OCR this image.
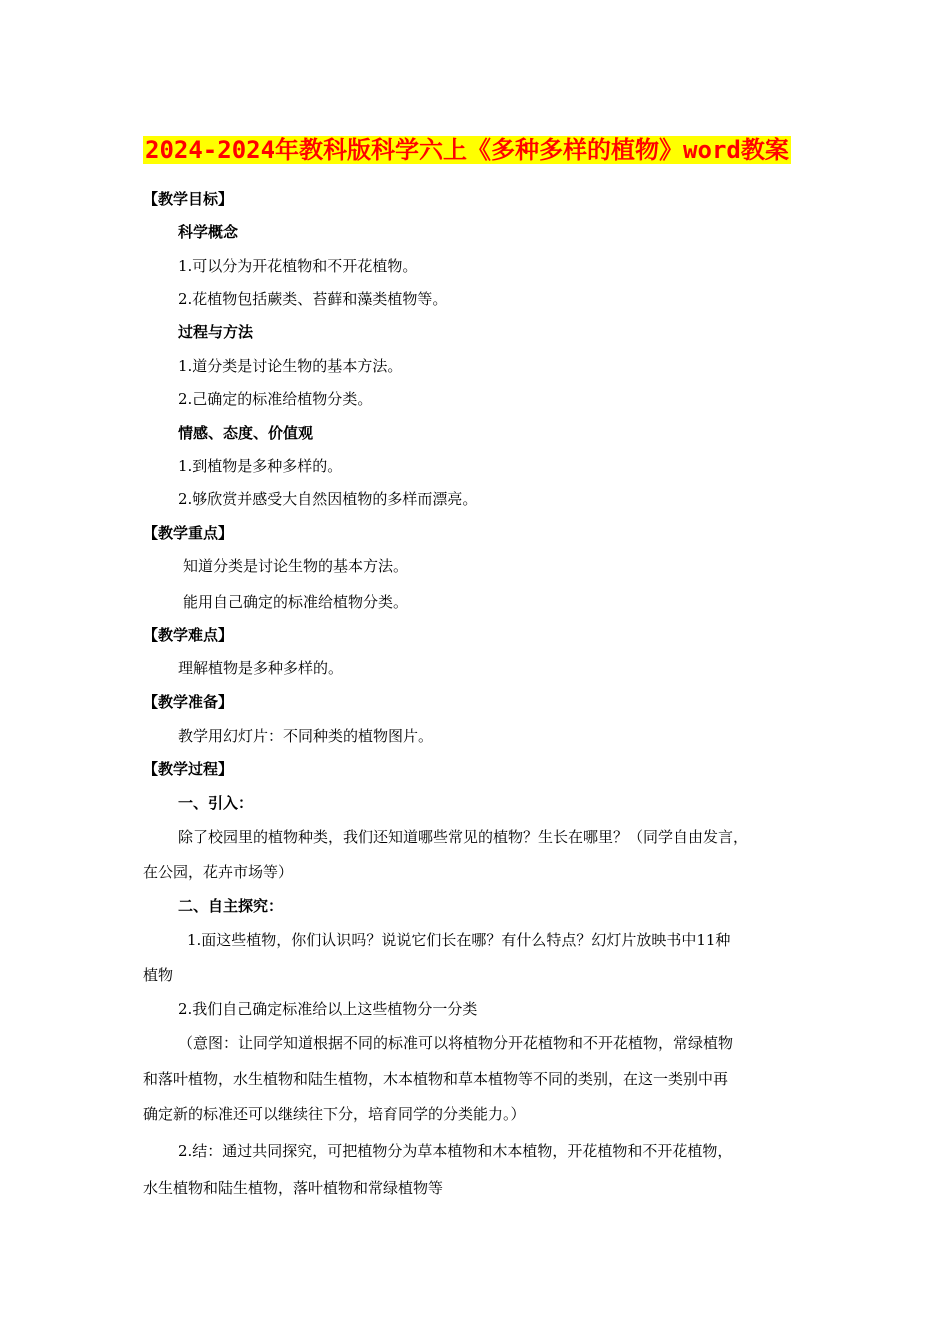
2024-2024年教科版科学六上《多种多样的植物》word教案
【教学目标】
科学概念
1.可以分为开花植物和不开花植物。
2.花植物包括蕨类、苔藓和藻类植物等。
过程与方法
1.道分类是讨论生物的基本方法。
2.己确定的标准给植物分类。
情感、态度、价值观
1.到植物是多种多样的。
2.够欣赏并感受大自然因植物的多样而漂亮。
【教学重点】
知道分类是讨论生物的基本方法。
能用自己确定的标准给植物分类。
【教学难点】
理解植物是多种多样的。
【教学准备】
教学用幻灯片：不同种类的植物图片。
【教学过程】
一、引入：
除了校园里的植物种类，我们还知道哪些常见的植物？生长在哪里？（同学自由发言，
在公园，花卉市场等）
二、自主探究：
1.面这些植物，你们认识吗？说说它们长在哪？有什么特点？幻灯片放映书中11种
植物
2.我们自己确定标准给以上这些植物分一分类
（意图：让同学知道根据不同的标准可以将植物分开花植物和不开花植物，常绿植物
和落叶植物，水生植物和陆生植物，木本植物和草本植物等不同的类别，在这一类别中再
确定新的标准还可以继续往下分，培育同学的分类能力。）
2.结：通过共同探究，可把植物分为草本植物和木本植物，开花植物和不开花植物，
水生植物和陆生植物，落叶植物和常绿植物等
